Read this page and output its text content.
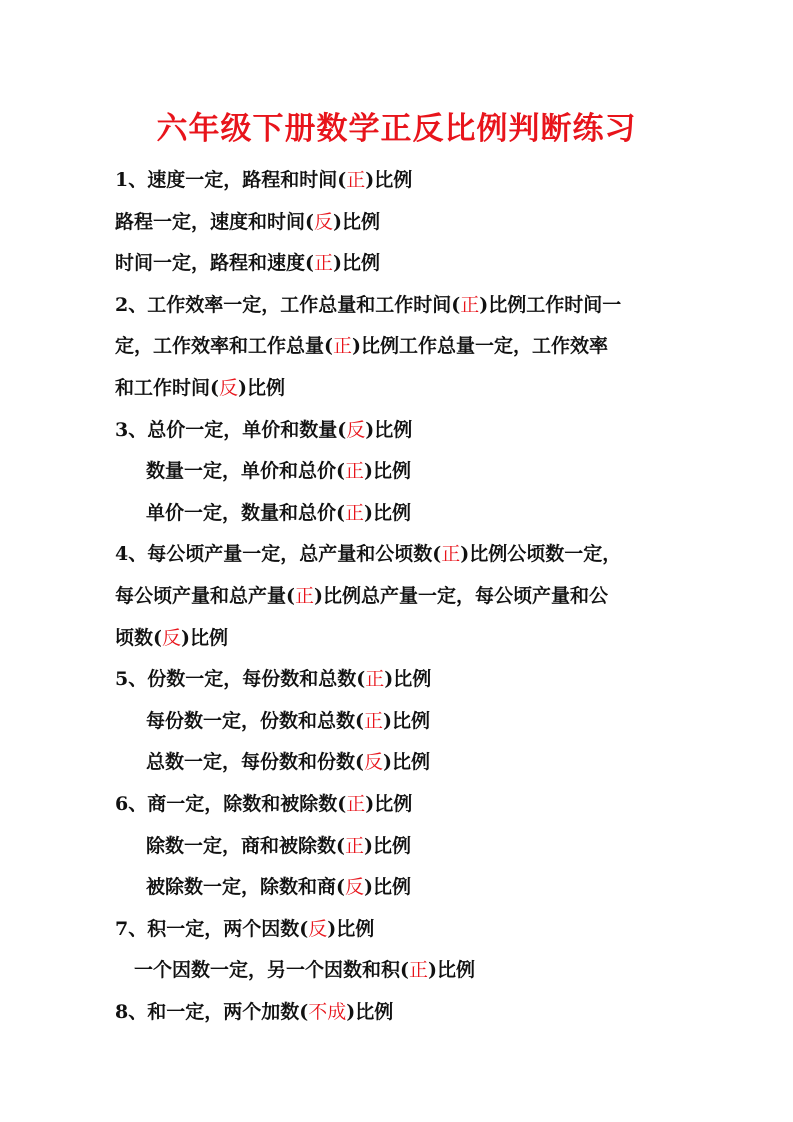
六年级下册数学正反比例判断练习
1、速度一定，路程和时间(正)比例
路程一定，速度和时间(反)比例
时间一定，路程和速度(正)比例
2、工作效率一定，工作总量和工作时间(正)比例工作时间一
定，工作效率和工作总量(正)比例工作总量一定，工作效率
和工作时间(反)比例
3、总价一定，单价和数量(反)比例
数量一定，单价和总价(正)比例
单价一定，数量和总价(正)比例
4、每公顷产量一定，总产量和公顷数(正)比例公顷数一定，
每公顷产量和总产量(正)比例总产量一定，每公顷产量和公
顷数(反)比例
5、份数一定，每份数和总数(正)比例
每份数一定，份数和总数(正)比例
总数一定，每份数和份数(反)比例
6、商一定，除数和被除数(正)比例
除数一定，商和被除数(正)比例
被除数一定，除数和商(反)比例
7、积一定，两个因数(反)比例
一个因数一定，另一个因数和积(正)比例
8、和一定，两个加数(不成)比例
